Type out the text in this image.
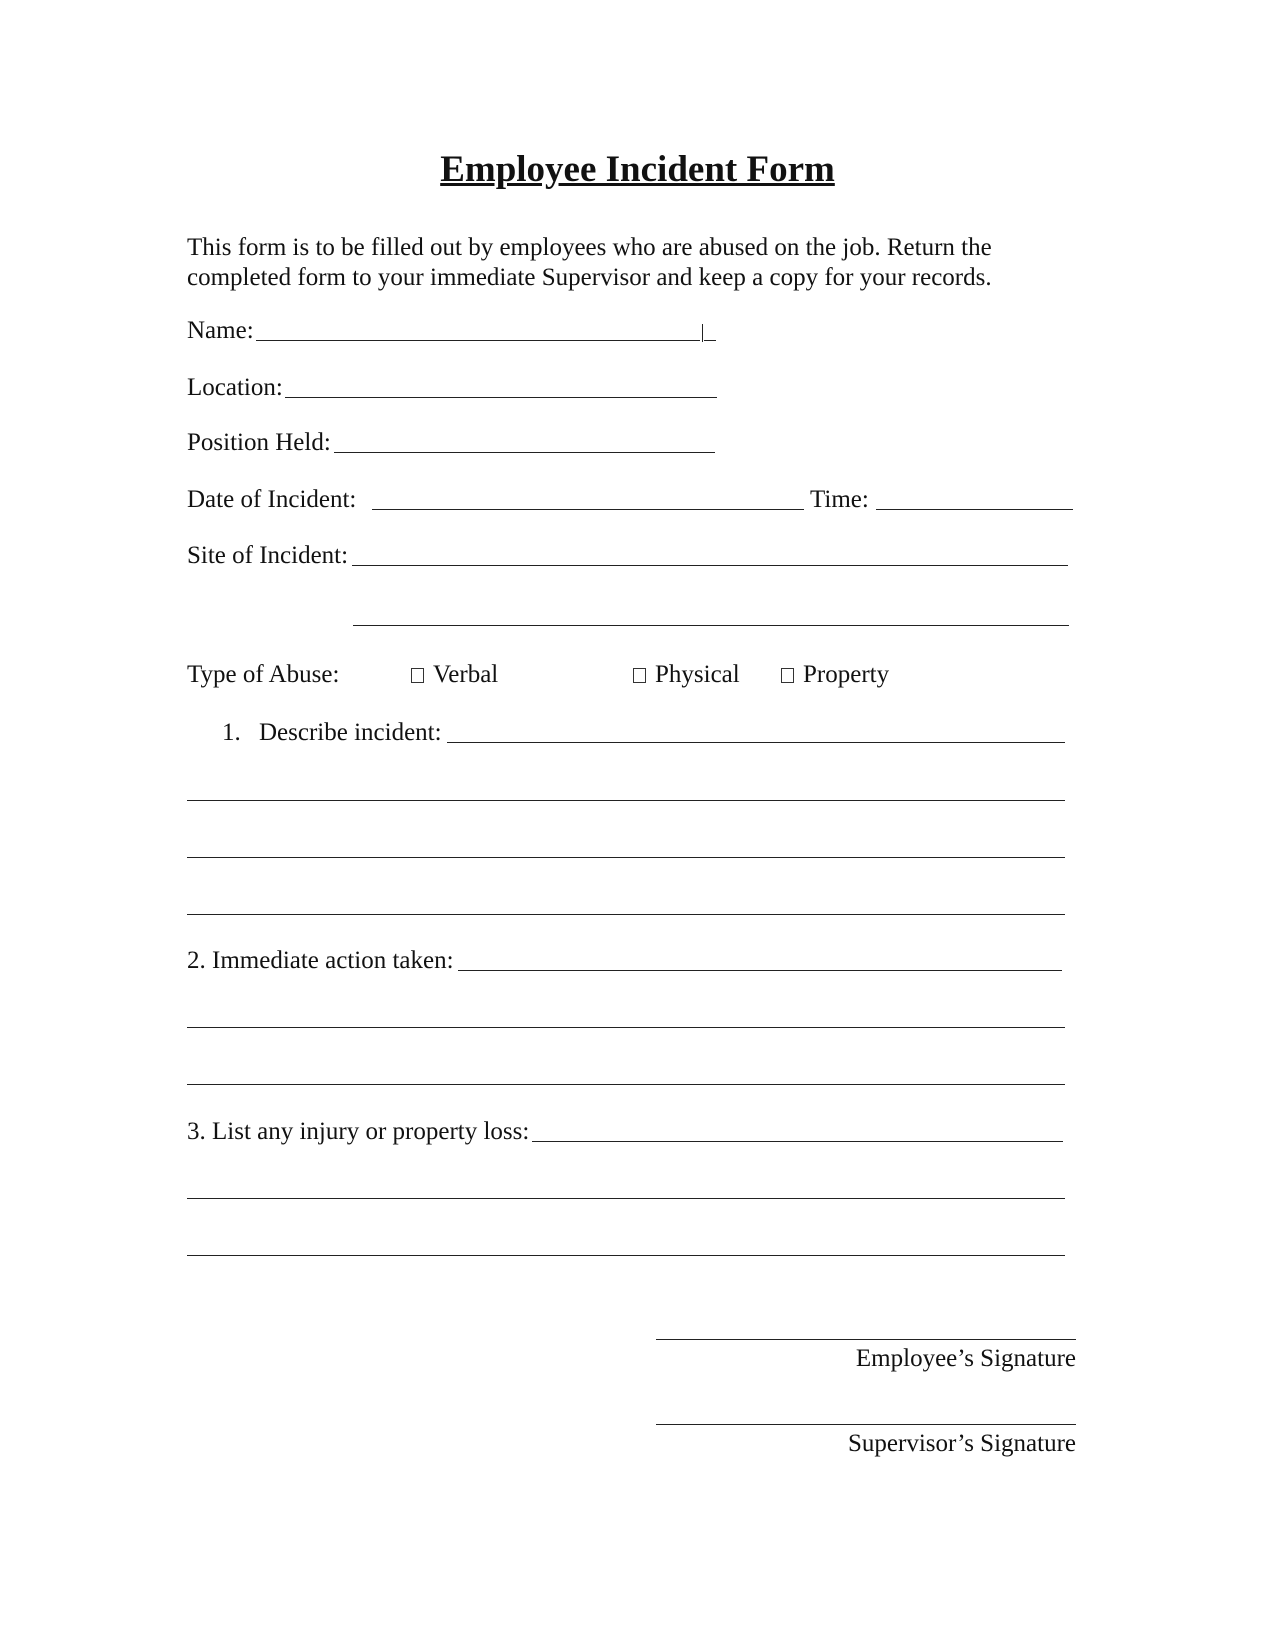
Employee Incident Form
This form is to be filled out by employees who are abused on the job. Return the
completed form to your immediate Supervisor and keep a copy for your records.
Name:
Location:
Position Held:
Date of Incident:	Time:
Site of Incident:
Type of Abuse:	Verbal	Physical	Property
1. Describe incident:
2. Immediate action taken:
3. List any injury or property loss:
Employee’s Signature
Supervisor’s Signature
